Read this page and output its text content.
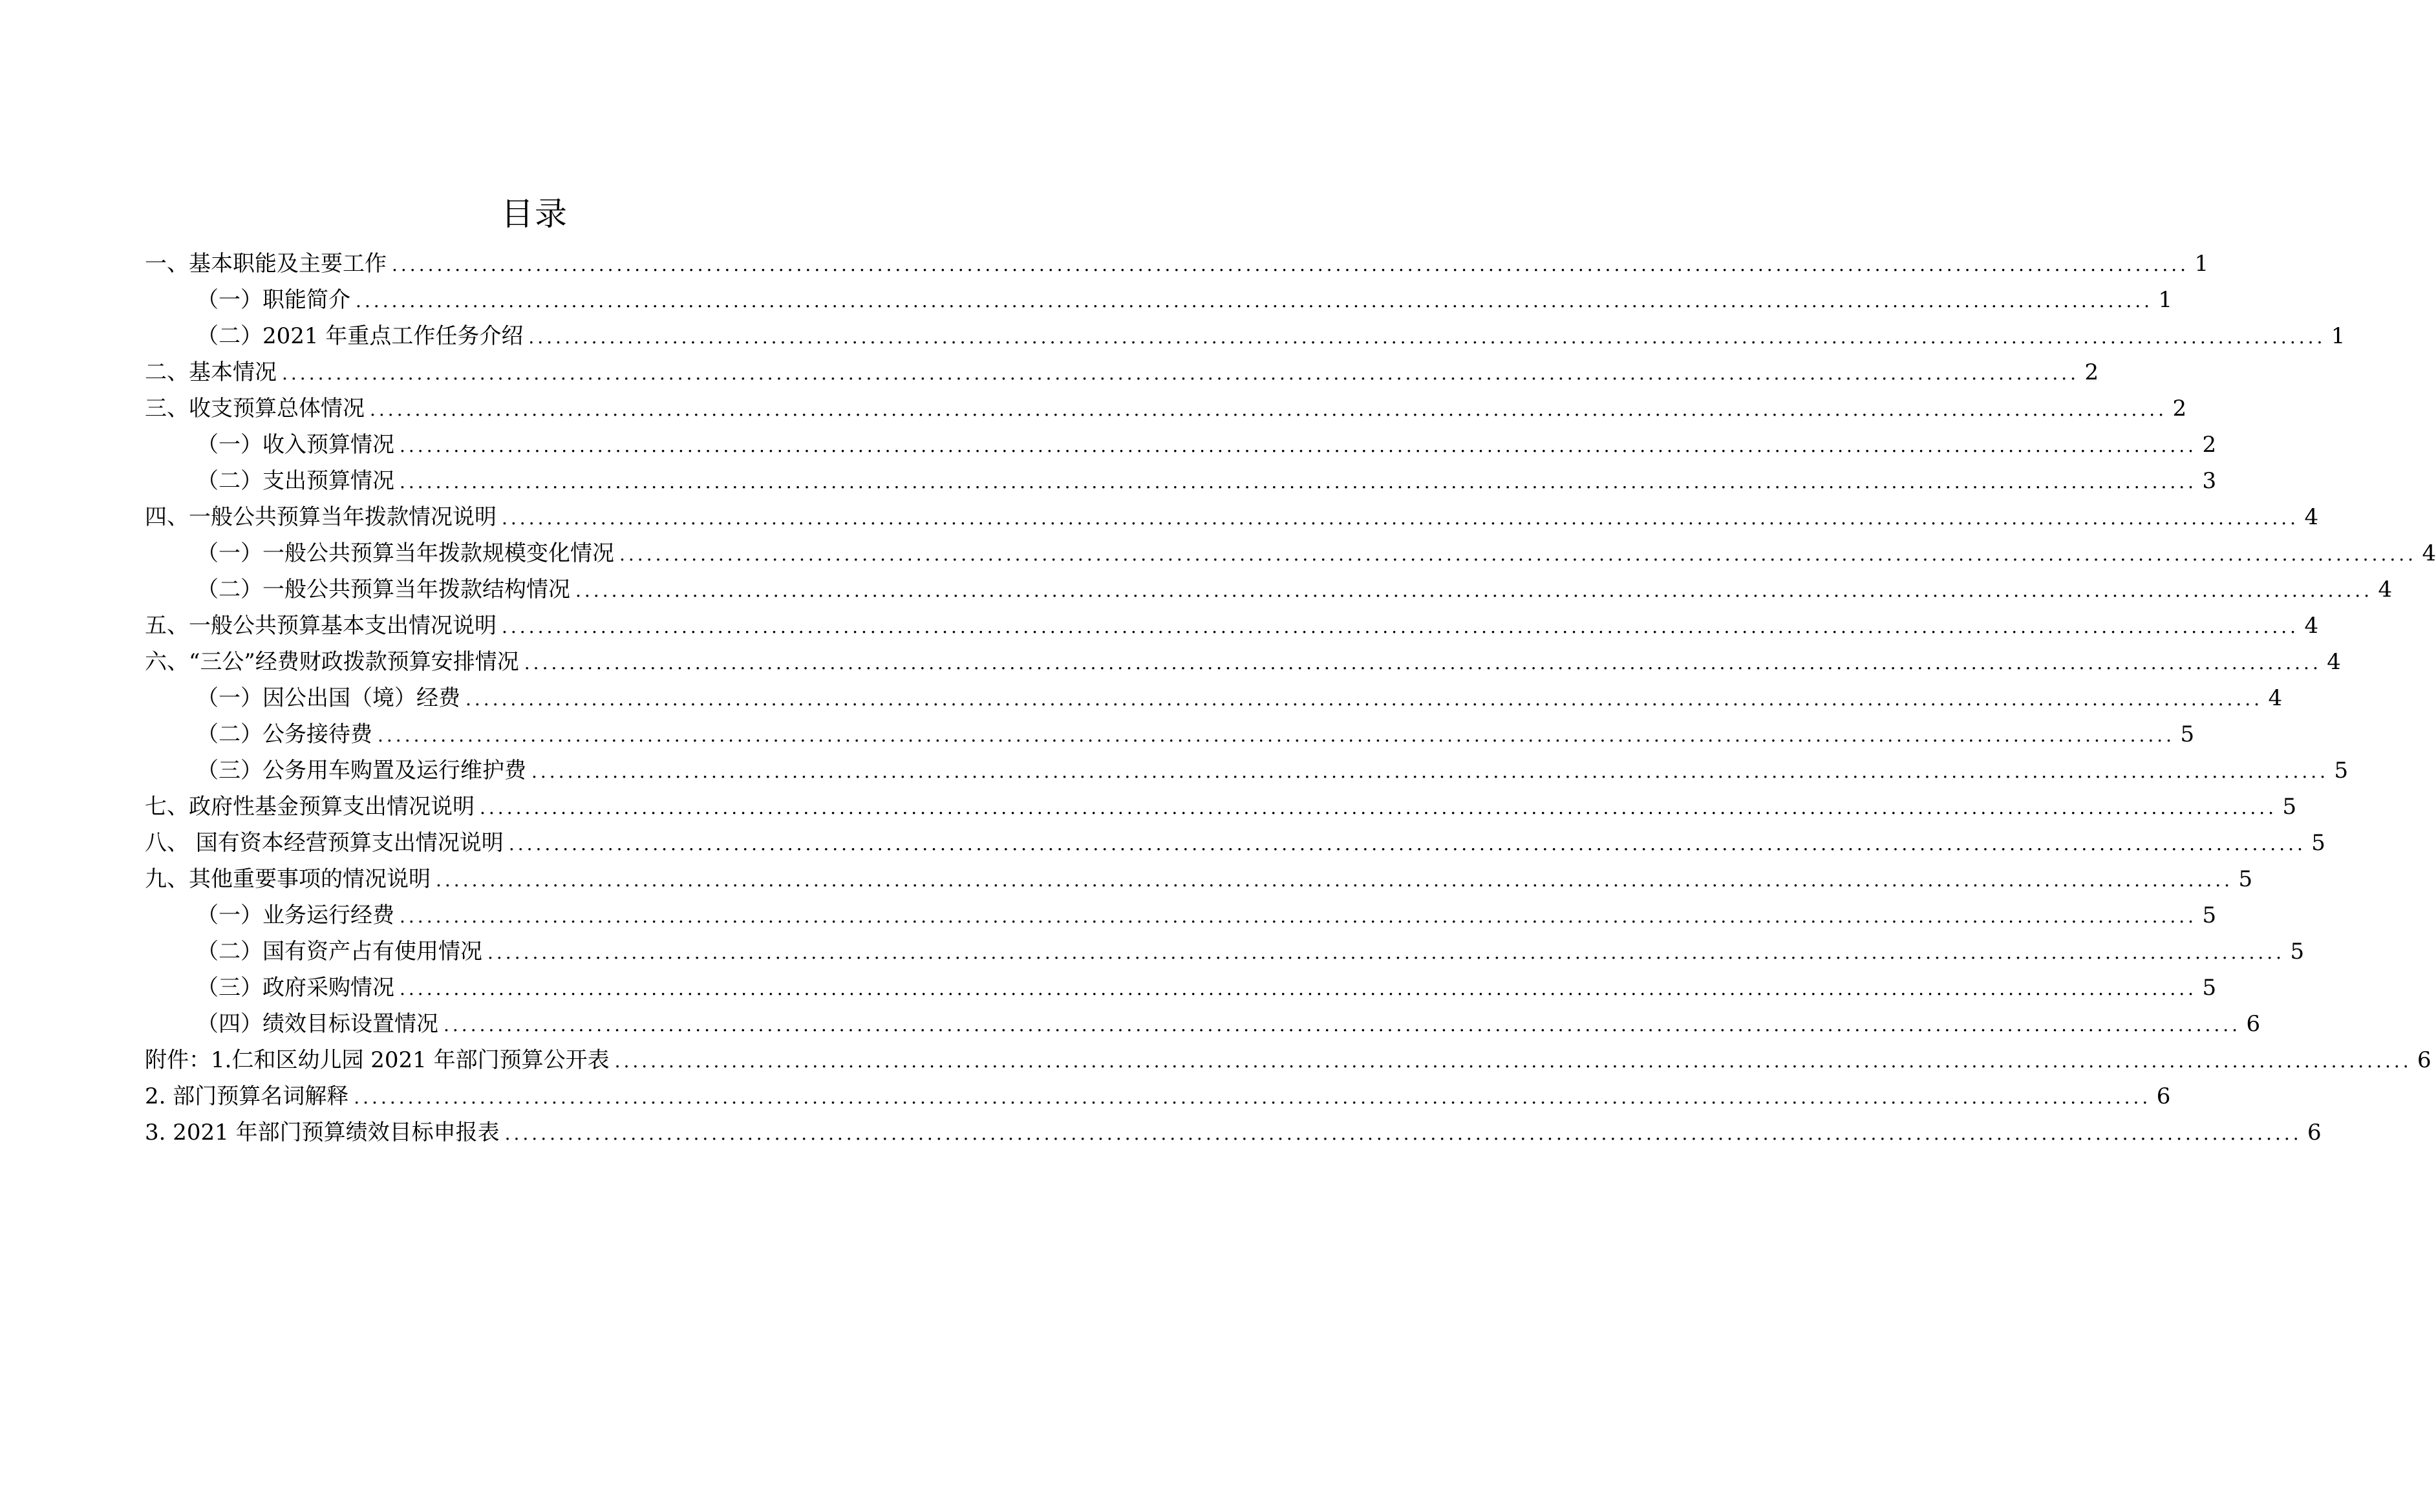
目录
一、基本职能及主要工作 ........................................................................................................................................................................................................ 1
（一）职能简介 ........................................................................................................................................................................................................ 1
（二）2021 年重点工作任务介绍 ........................................................................................................................................................................................................ 1
二、基本情况 ........................................................................................................................................................................................................ 2
三、收支预算总体情况 ........................................................................................................................................................................................................ 2
（一）收入预算情况 ........................................................................................................................................................................................................ 2
（二）支出预算情况 ........................................................................................................................................................................................................ 3
四、一般公共预算当年拨款情况说明 ........................................................................................................................................................................................................ 4
（一）一般公共预算当年拨款规模变化情况 ........................................................................................................................................................................................................ 4
（二）一般公共预算当年拨款结构情况 ........................................................................................................................................................................................................ 4
五、一般公共预算基本支出情况说明 ........................................................................................................................................................................................................ 4
六、“三公”经费财政拨款预算安排情况 ........................................................................................................................................................................................................ 4
（一）因公出国（境）经费 ........................................................................................................................................................................................................ 4
（二）公务接待费 ........................................................................................................................................................................................................ 5
（三）公务用车购置及运行维护费 ........................................................................................................................................................................................................ 5
七、政府性基金预算支出情况说明 ........................................................................................................................................................................................................ 5
八、 国有资本经营预算支出情况说明 ........................................................................................................................................................................................................ 5
九、其他重要事项的情况说明 ........................................................................................................................................................................................................ 5
（一）业务运行经费 ........................................................................................................................................................................................................ 5
（二）国有资产占有使用情况 ........................................................................................................................................................................................................ 5
（三）政府采购情况 ........................................................................................................................................................................................................ 5
（四）绩效目标设置情况 ........................................................................................................................................................................................................ 6
附件：1.仁和区幼儿园 2021 年部门预算公开表 ........................................................................................................................................................................................................ 6
2. 部门预算名词解释 ........................................................................................................................................................................................................ 6
3. 2021 年部门预算绩效目标申报表 ........................................................................................................................................................................................................ 6
